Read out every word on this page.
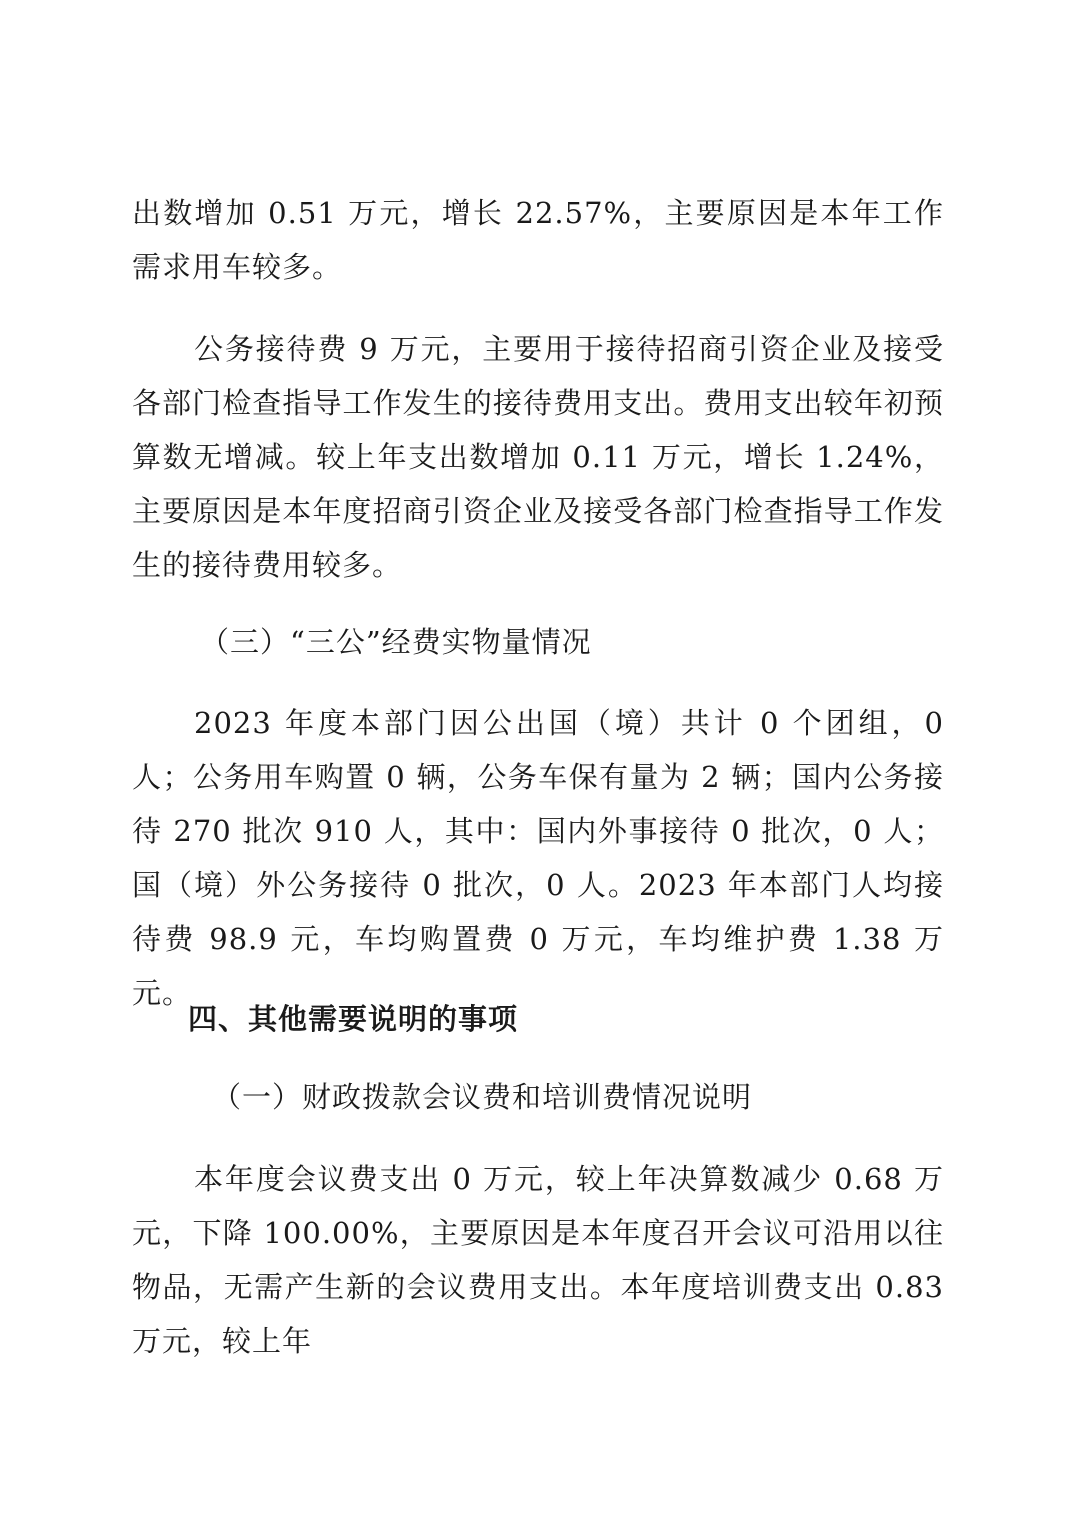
出数增加 0.51 万元，增长 22.57%，主要原因是本年工作需求用车较多。

公务接待费 9 万元，主要用于接待招商引资企业及接受各部门检查指导工作发生的接待费用支出。费用支出较年初预算数无增减。较上年支出数增加 0.11 万元，增长 1.24%，主要原因是本年度招商引资企业及接受各部门检查指导工作发生的接待费用较多。

（三）“三公”经费实物量情况

2023 年度本部门因公出国（境）共计 0 个团组，0 人；公务用车购置 0 辆，公务车保有量为 2 辆；国内公务接待 270 批次 910 人，其中：国内外事接待 0 批次，0 人；国（境）外公务接待 0 批次，0 人。2023 年本部门人均接待费 98.9 元，车均购置费 0 万元，车均维护费 1.38 万元。

四、其他需要说明的事项

（一）财政拨款会议费和培训费情况说明

本年度会议费支出 0 万元，较上年决算数减少 0.68 万元，下降 100.00%，主要原因是本年度召开会议可沿用以往物品，无需产生新的会议费用支出。本年度培训费支出 0.83 万元，较上年
